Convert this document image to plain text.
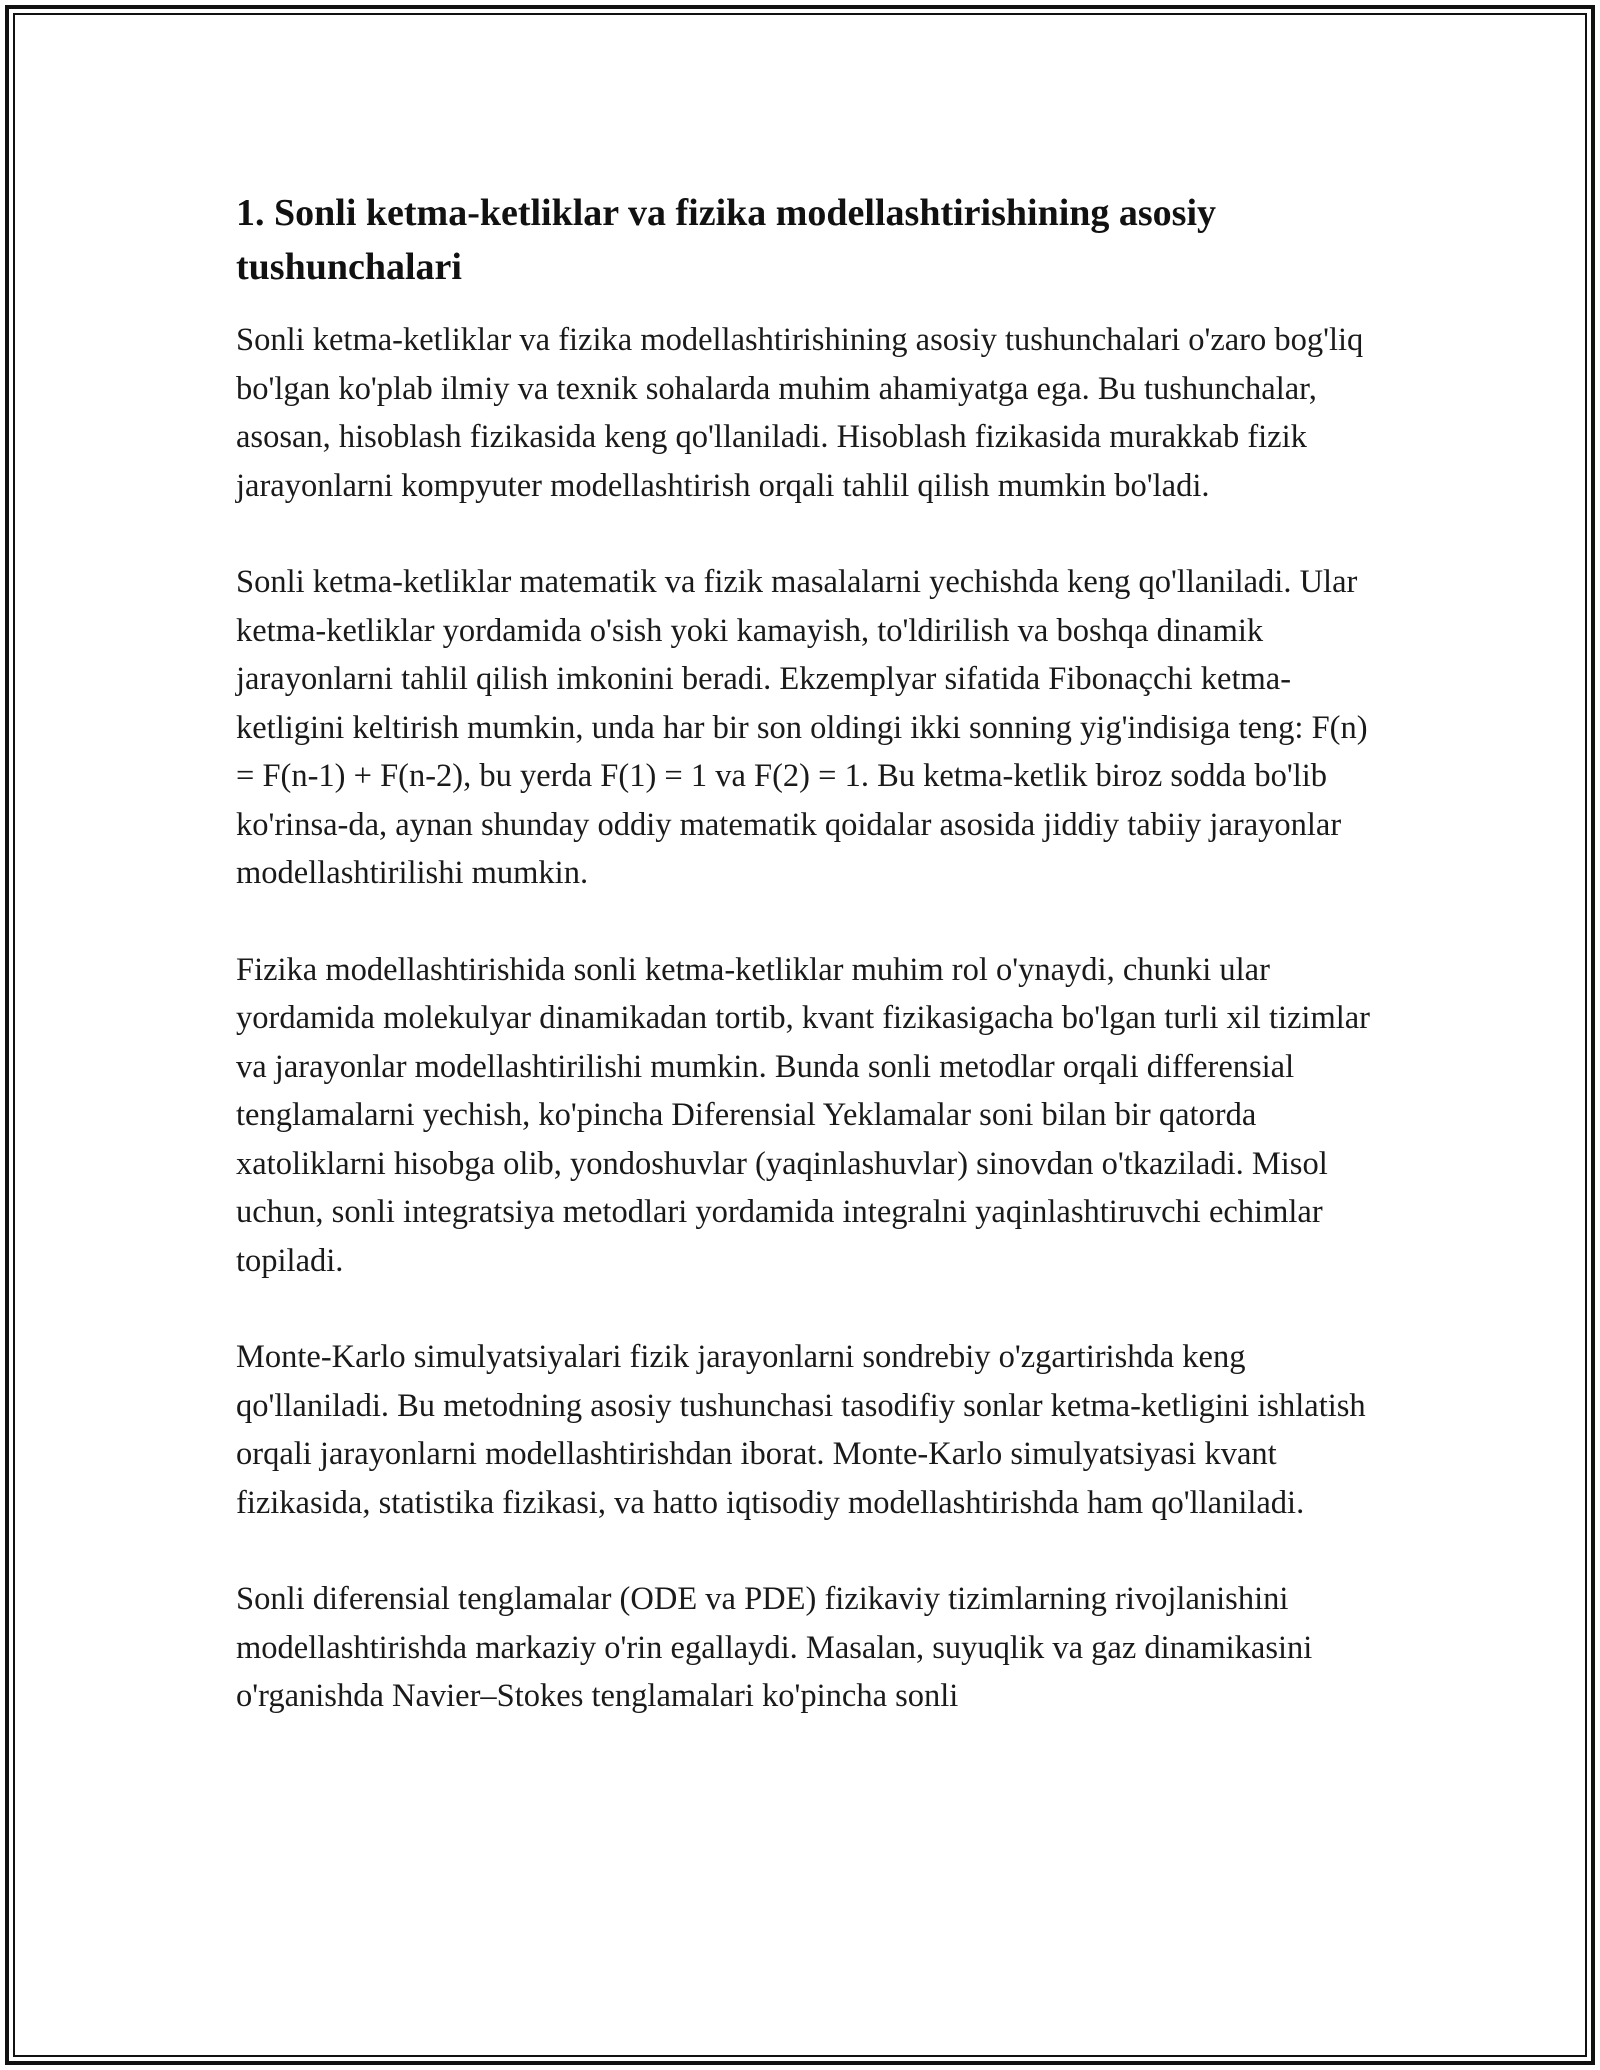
1. Sonli ketma-ketliklar va fizika modellashtirishining asosiy tushunchalari

Sonli ketma-ketliklar va fizika modellashtirishining asosiy tushunchalari o'zaro bog'liq bo'lgan ko'plab ilmiy va texnik sohalarda muhim ahamiyatga ega. Bu tushunchalar, asosan, hisoblash fizikasida keng qo'llaniladi. Hisoblash fizikasida murakkab fizik jarayonlarni kompyuter modellashtirish orqali tahlil qilish mumkin bo'ladi.

Sonli ketma-ketliklar matematik va fizik masalalarni yechishda keng qo'llaniladi. Ular ketma-ketliklar yordamida o'sish yoki kamayish, to'ldirilish va boshqa dinamik jarayonlarni tahlil qilish imkonini beradi. Ekzemplyar sifatida Fibonaçchi ketma-ketligini keltirish mumkin, unda har bir son oldingi ikki sonning yig'indisiga teng: F(n) = F(n-1) + F(n-2), bu yerda F(1) = 1 va F(2) = 1. Bu ketma-ketlik biroz sodda bo'lib ko'rinsa-da, aynan shunday oddiy matematik qoidalar asosida jiddiy tabiiy jarayonlar modellashtirilishi mumkin.

Fizika modellashtirishida sonli ketma-ketliklar muhim rol o'ynaydi, chunki ular yordamida molekulyar dinamikadan tortib, kvant fizikasigacha bo'lgan turli xil tizimlar va jarayonlar modellashtirilishi mumkin. Bunda sonli metodlar orqali differensial tenglamalarni yechish, ko'pincha Diferensial Yeklamalar soni bilan bir qatorda xatoliklarni hisobga olib, yondoshuvlar (yaqinlashuvlar) sinovdan o'tkaziladi. Misol uchun, sonli integratsiya metodlari yordamida integralni yaqinlashtiruvchi echimlar topiladi.

Monte-Karlo simulyatsiyalari fizik jarayonlarni sondrebiy o'zgartirishda keng qo'llaniladi. Bu metodning asosiy tushunchasi tasodifiy sonlar ketma-ketligini ishlatish orqali jarayonlarni modellashtirishdan iborat. Monte-Karlo simulyatsiyasi kvant fizikasida, statistika fizikasi, va hatto iqtisodiy modellashtirishda ham qo'llaniladi.

Sonli diferensial tenglamalar (ODE va PDE) fizikaviy tizimlarning rivojlanishini modellashtirishda markaziy o'rin egallaydi. Masalan, suyuqlik va gaz dinamikasini o'rganishda Navier–Stokes tenglamalari ko'pincha sonli
